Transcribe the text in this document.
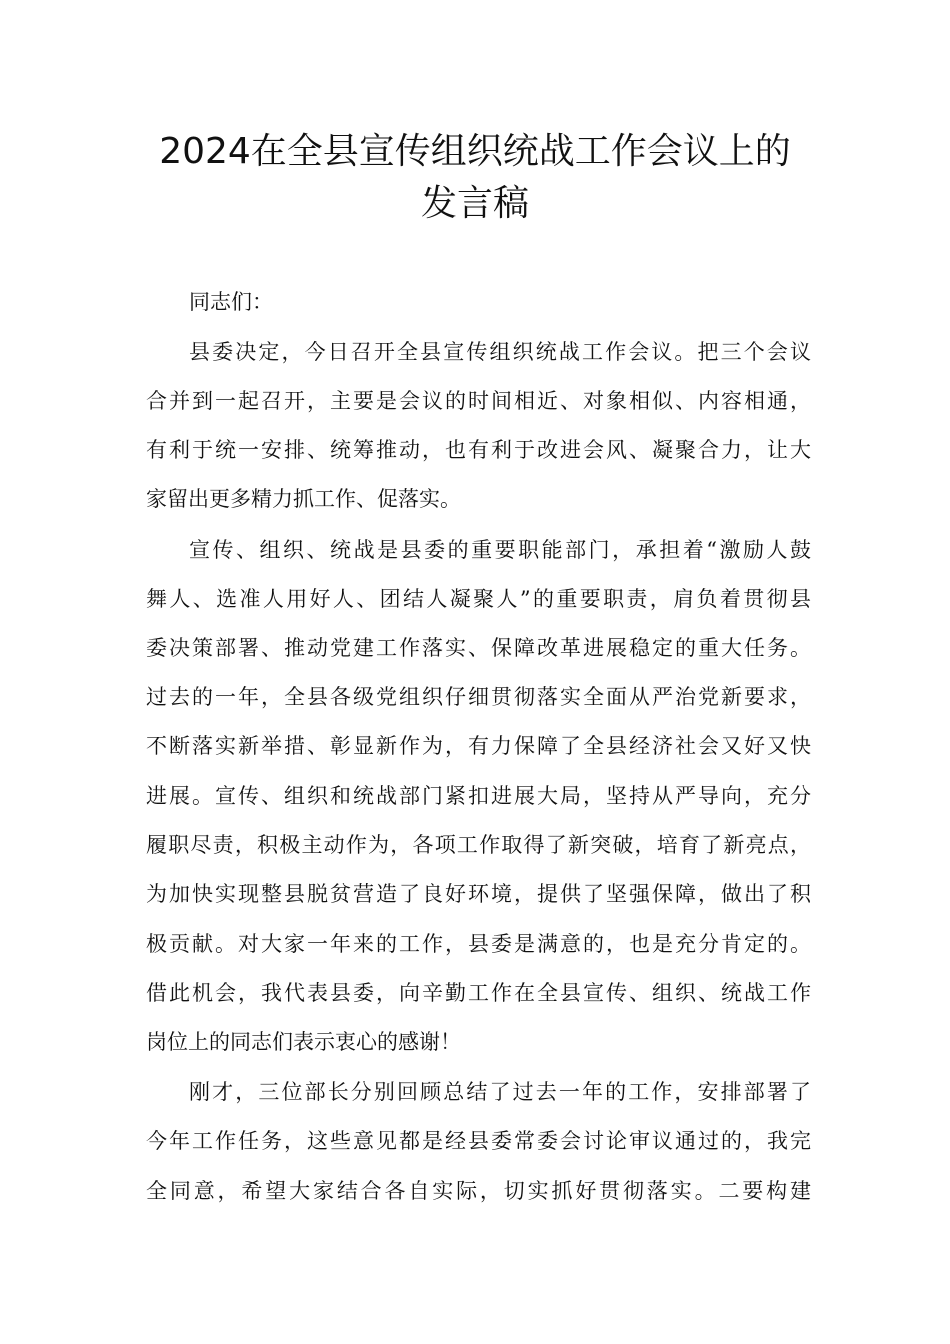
2024在全县宣传组织统战工作会议上的
发言稿
同志们：
县委决定，今日召开全县宣传组织统战工作会议。把三个会议
合并到一起召开，主要是会议的时间相近、对象相似、内容相通，
有利于统一安排、统筹推动，也有利于改进会风、凝聚合力，让大
家留出更多精力抓工作、促落实。
宣传、组织、统战是县委的重要职能部门，承担着“激励人鼓
舞人、选准人用好人、团结人凝聚人”的重要职责，肩负着贯彻县
委决策部署、推动党建工作落实、保障改革进展稳定的重大任务。
过去的一年，全县各级党组织仔细贯彻落实全面从严治党新要求，
不断落实新举措、彰显新作为，有力保障了全县经济社会又好又快
进展。宣传、组织和统战部门紧扣进展大局，坚持从严导向，充分
履职尽责，积极主动作为，各项工作取得了新突破，培育了新亮点，
为加快实现整县脱贫营造了良好环境，提供了坚强保障，做出了积
极贡献。对大家一年来的工作，县委是满意的，也是充分肯定的。
借此机会，我代表县委，向辛勤工作在全县宣传、组织、统战工作
岗位上的同志们表示衷心的感谢！
刚才，三位部长分别回顾总结了过去一年的工作，安排部署了
今年工作任务，这些意见都是经县委常委会讨论审议通过的，我完
全同意，希望大家结合各自实际，切实抓好贯彻落实。二要构建
